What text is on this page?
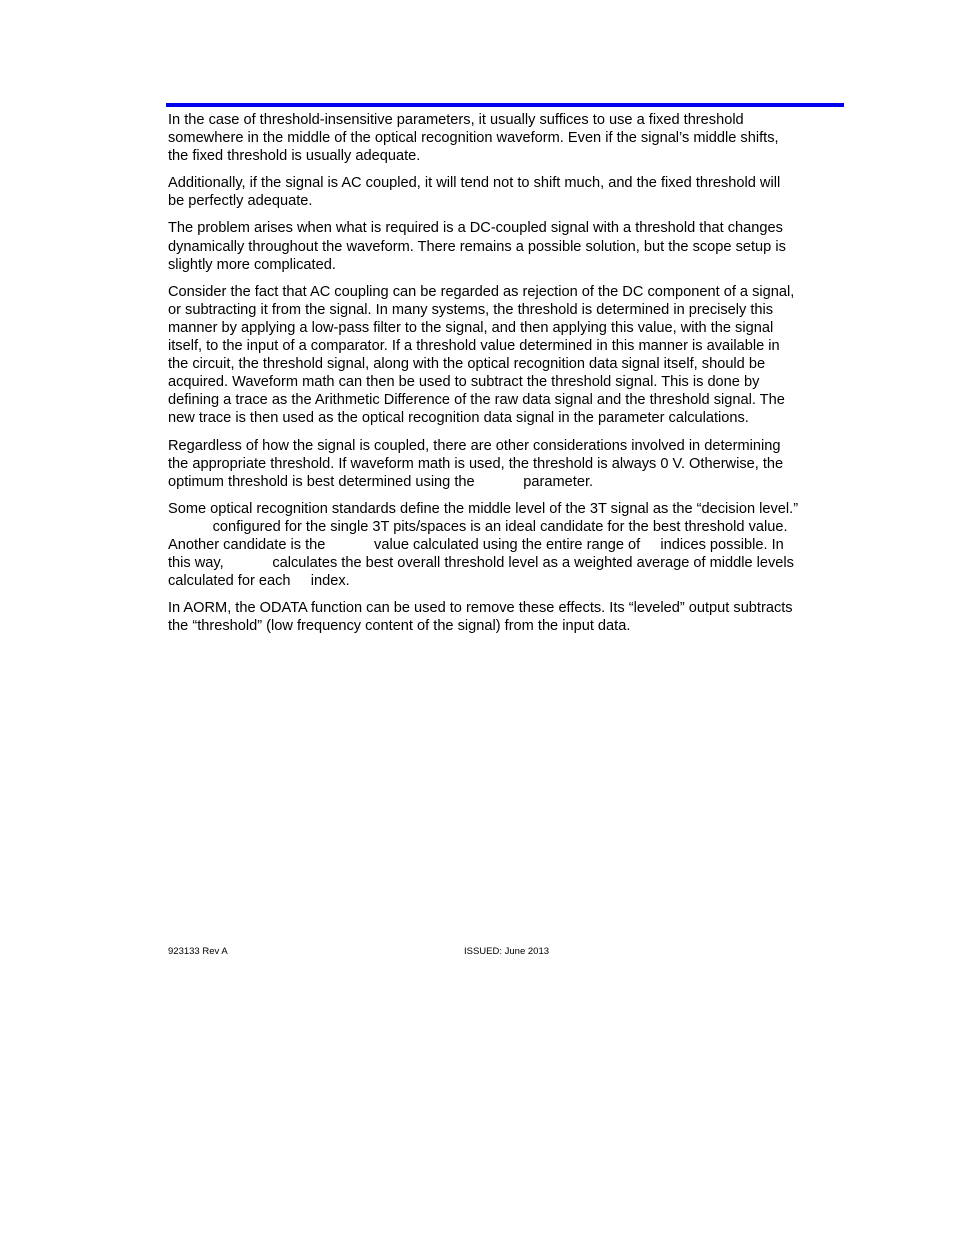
In the case of threshold-insensitive parameters, it usually suffices to use a fixed threshold
somewhere in the middle of the optical recognition waveform. Even if the signal’s middle shifts,
the fixed threshold is usually adequate.

Additionally, if the signal is AC coupled, it will tend not to shift much, and the fixed threshold will
be perfectly adequate.

The problem arises when what is required is a DC-coupled signal with a threshold that changes
dynamically throughout the waveform. There remains a possible solution, but the scope setup is
slightly more complicated.

Consider the fact that AC coupling can be regarded as rejection of the DC component of a signal,
or subtracting it from the signal. In many systems, the threshold is determined in precisely this
manner by applying a low-pass filter to the signal, and then applying this value, with the signal
itself, to the input of a comparator. If a threshold value determined in this manner is available in
the circuit, the threshold signal, along with the optical recognition data signal itself, should be
acquired. Waveform math can then be used to subtract the threshold signal. This is done by
defining a trace as the Arithmetic Difference of the raw data signal and the threshold signal. The
new trace is then used as the optical recognition data signal in the parameter calculations.

Regardless of how the signal is coupled, there are other considerations involved in determining
the appropriate threshold. If waveform math is used, the threshold is always 0 V. Otherwise, the
optimum threshold is best determined using the            parameter.

Some optical recognition standards define the middle level of the 3T signal as the “decision level.”
configured for the single 3T pits/spaces is an ideal candidate for the best threshold value.
Another candidate is the            value calculated using the entire range of     indices possible. In
this way,            calculates the best overall threshold level as a weighted average of middle levels
calculated for each     index.

In AORM, the ODATA function can be used to remove these effects. Its “leveled” output subtracts
the “threshold” (low frequency content of the signal) from the input data.

923133 Rev A	ISSUED: June 2013
